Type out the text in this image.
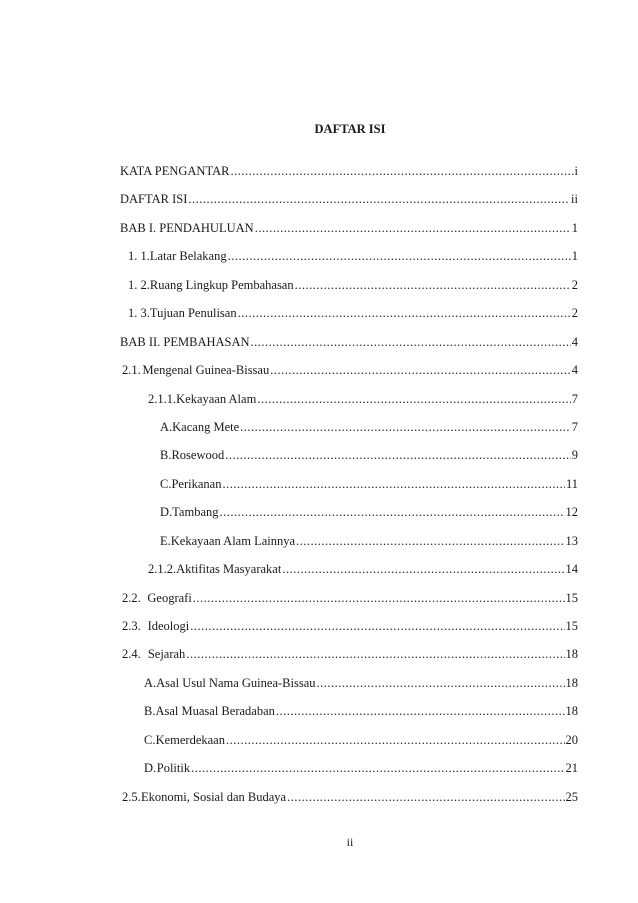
DAFTAR ISI
KATA PENGANTAR .....	i
DAFTAR ISI .....	ii
BAB I. PENDAHULUAN .....	1
1. 1. Latar Belakang .....	1
1. 2. Ruang Lingkup Pembahasan .....	2
1. 3. Tujuan Penulisan .....	2
BAB II. PEMBAHASAN .....	4
2.1. Mengenal Guinea-Bissau .....	4
2.1.1. Kekayaan Alam .....	7
A. Kacang Mete .....	7
B. Rosewood .....	9
C. Perikanan .....	11
D. Tambang .....	12
E. Kekayaan Alam Lainnya .....	13
2.1.2. Aktifitas Masyarakat .....	14
2.2. Geografi .....	15
2.3. Ideologi .....	15
2.4. Sejarah .....	18
A. Asal Usul Nama Guinea-Bissau .....	18
B. Asal Muasal Beradaban .....	18
C. Kemerdekaan .....	20
D. Politik .....	21
2.5. Ekonomi, Sosial dan Budaya .....	25
ii
